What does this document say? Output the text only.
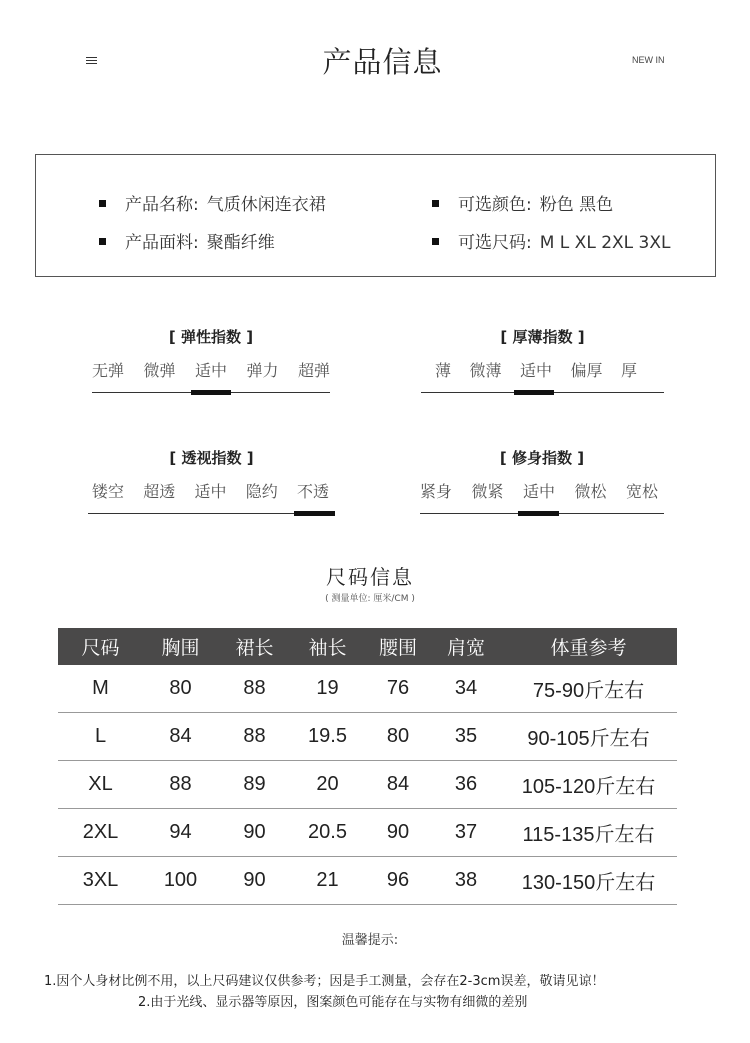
产品信息	NEW IN
产品名称: 气质休闲连衣裙
产品面料: 聚酯纤维
可选颜色: 粉色 黑色
可选尺码: M L XL 2XL 3XL
[ 弹性指数 ]
无弹 微弹 适中 弹力 超弹
[ 厚薄指数 ]
薄 微薄 适中 偏厚 厚
[ 透视指数 ]
镂空 超透 适中 隐约 不透
[ 修身指数 ]
紧身 微紧 适中 微松 宽松
尺码信息
( 测量单位: 厘米/CM )
尺码	胸围	裙长	袖长	腰围	肩宽	体重参考
M	80	88	19	76	34	75-90斤左右
L	84	88	19.5	80	35	90-105斤左右
XL	88	89	20	84	36	105-120斤左右
2XL	94	90	20.5	90	37	115-135斤左右
3XL	100	90	21	96	38	130-150斤左右
温馨提示:
1.因个人身材比例不用，以上尺码建议仅供参考；因是手工测量，会存在2-3cm误差，敬请见谅！
2.由于光线、显示器等原因，图案颜色可能存在与实物有细微的差别
